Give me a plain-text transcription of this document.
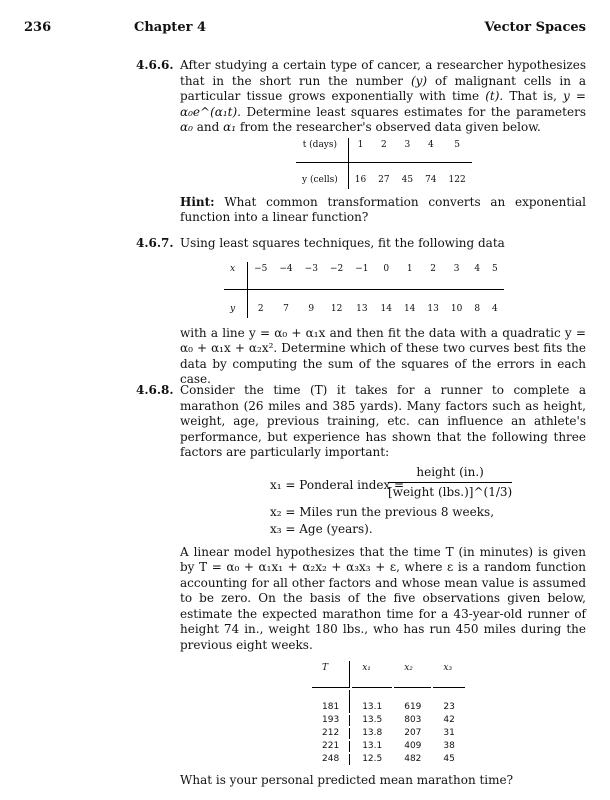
236	Chapter 4	Vector Spaces
4.6.6. After studying a certain type of cancer, a researcher hypothesizes that in the short run the number (y) of malignant cells in a particular tissue grows exponentially with time (t). That is, y = α₀e^(α₁t). Determine least squares estimates for the parameters α₀ and α₁ from the researcher's observed data given below.

t (days)	1	2	3	4	5
y (cells)	16	27	45	74	122

Hint: What common transformation converts an exponential function into a linear function?

4.6.7. Using least squares techniques, fit the following data

x	−5	−4	−3	−2	−1	0	1	2	3	4	5
y	2	7	9	12	13	14	14	13	10	8	4

with a line y = α₀ + α₁x and then fit the data with a quadratic y = α₀ + α₁x + α₂x². Determine which of these two curves best fits the data by computing the sum of the squares of the errors in each case.

4.6.8. Consider the time (T) it takes for a runner to complete a marathon (26 miles and 385 yards). Many factors such as height, weight, age, previous training, etc. can influence an athlete's performance, but experience has shown that the following three factors are particularly important:

x₁ = Ponderal index =
height (in.)
[weight (lbs.)]^(1/3)
x₂ = Miles run the previous 8 weeks,
x₃ = Age (years).

A linear model hypothesizes that the time T (in minutes) is given by T = α₀ + α₁x₁ + α₂x₂ + α₃x₃ + ε, where ε is a random function accounting for all other factors and whose mean value is assumed to be zero. On the basis of the five observations given below, estimate the expected marathon time for a 43-year-old runner of height 74 in., weight 180 lbs., who has run 450 miles during the previous eight weeks.

T	x₁	x₂	x₃
181	13.1	619	23
193	13.5	803	42
212	13.8	207	31
221	13.1	409	38
248	12.5	482	45

What is your personal predicted mean marathon time?
